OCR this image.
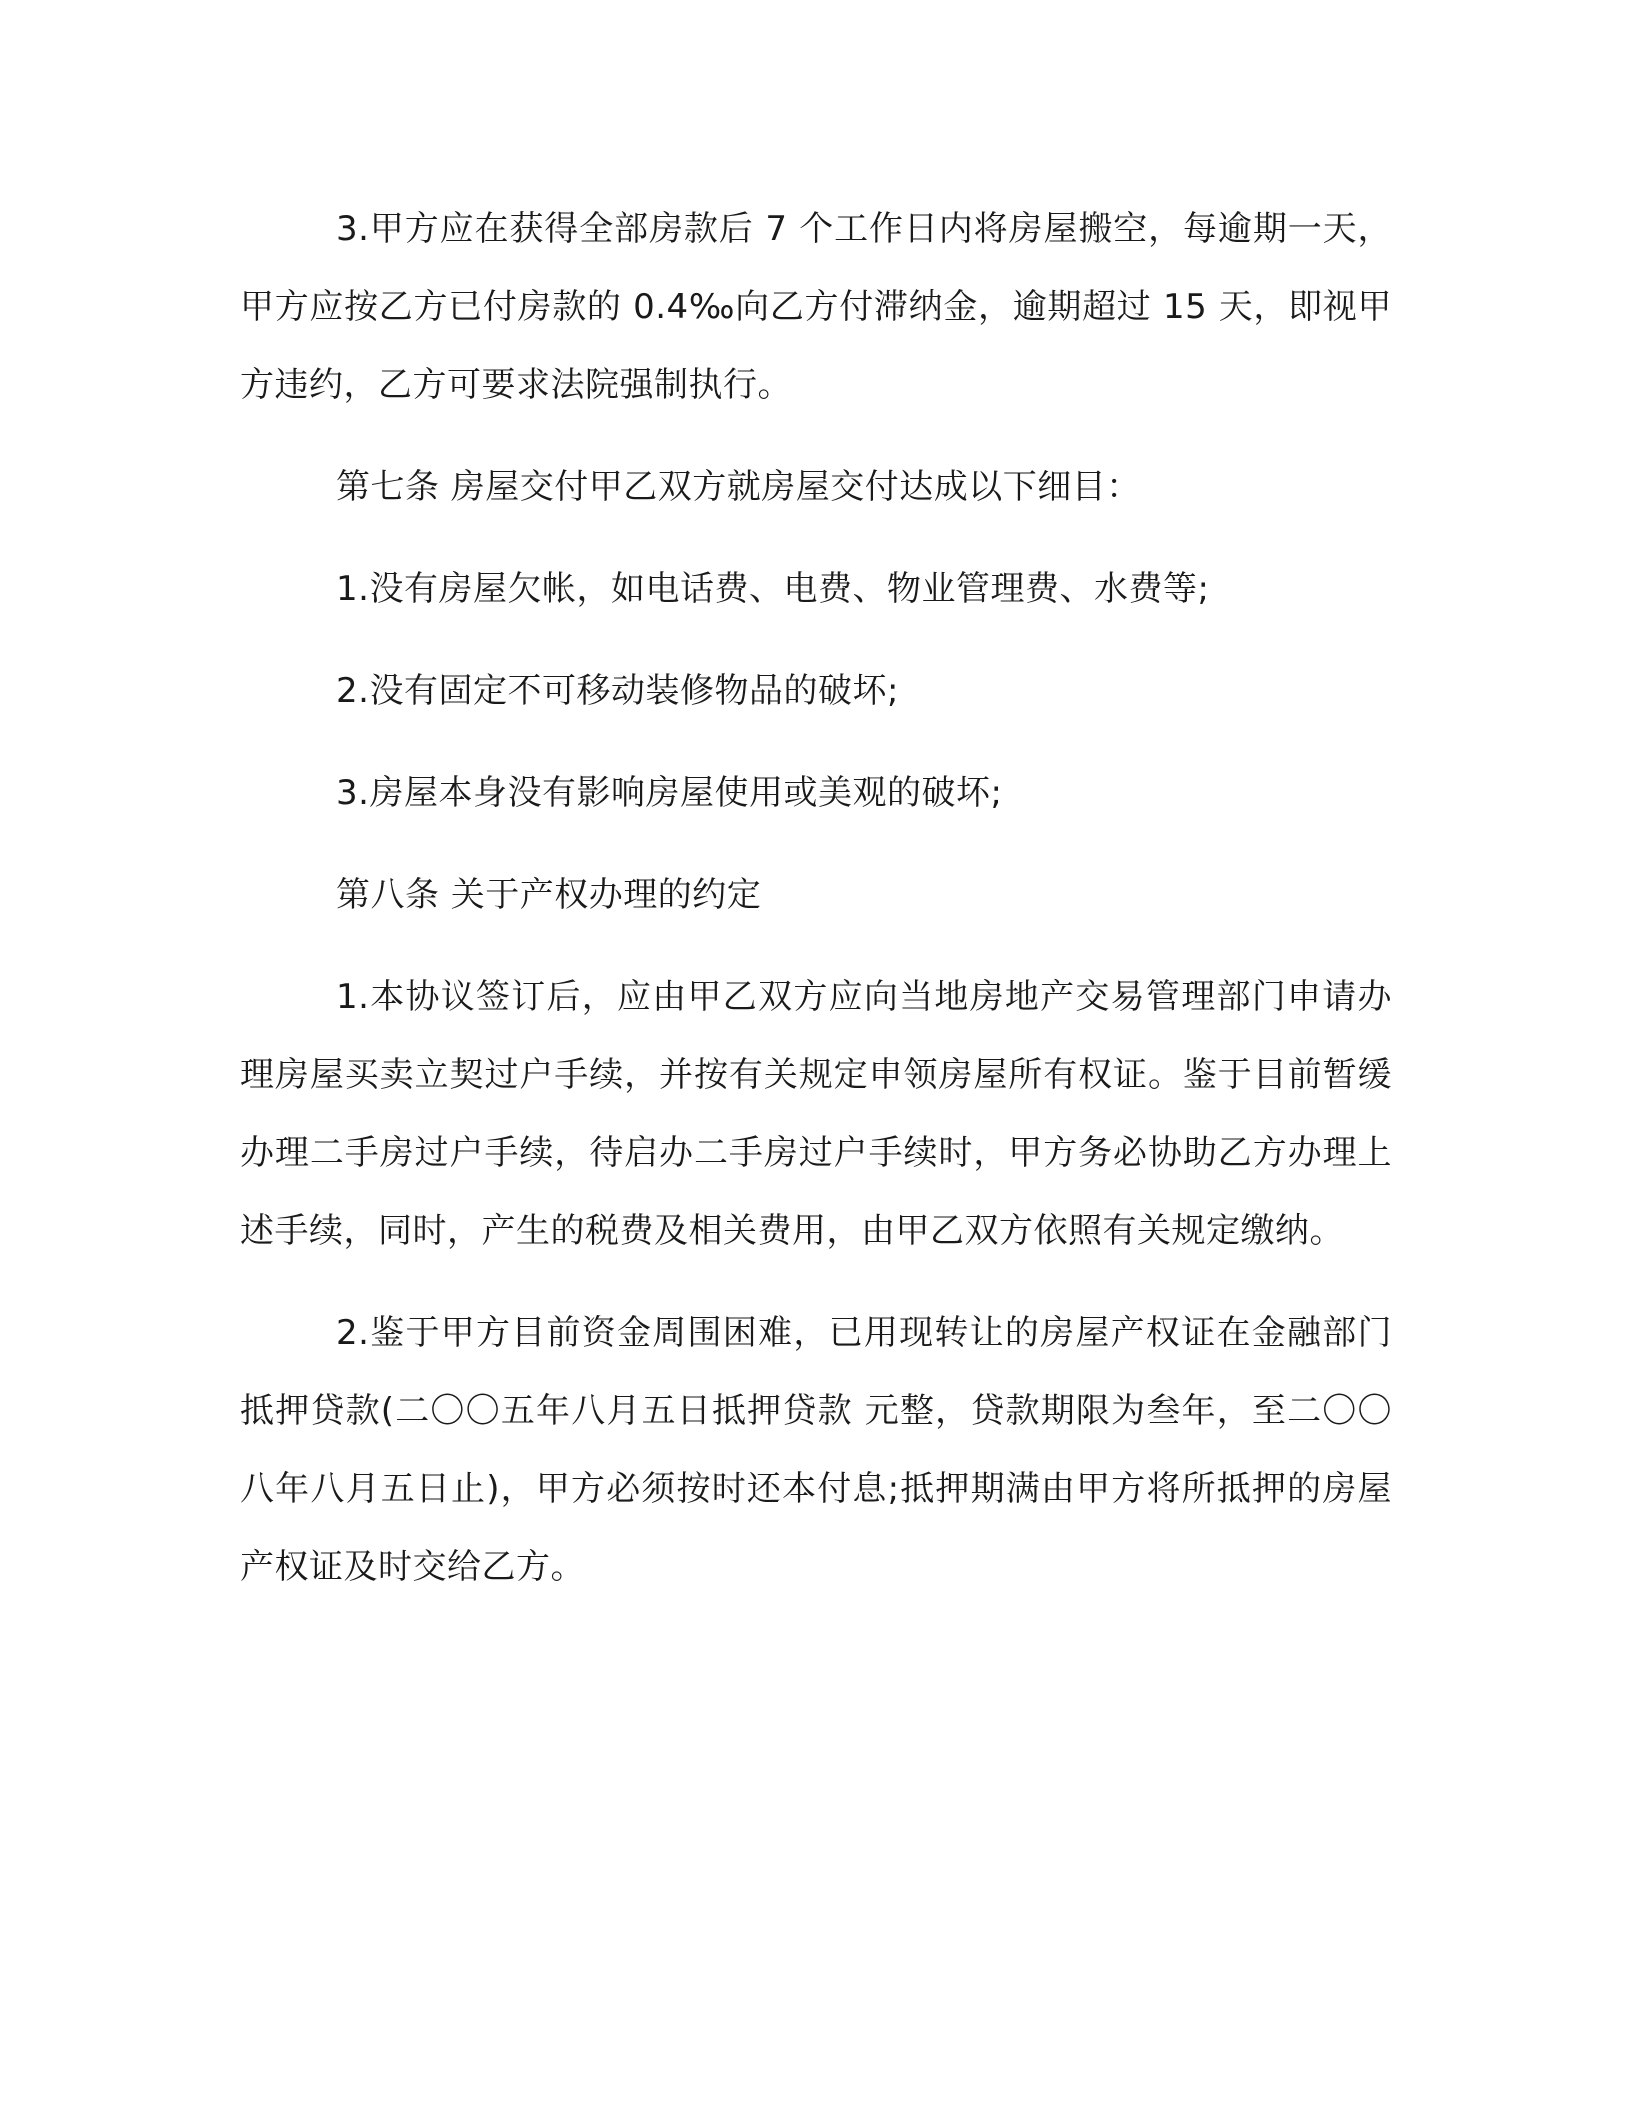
3.甲方应在获得全部房款后 7 个工作日内将房屋搬空，每逾期一天，甲方应按乙方已付房款的 0.4‰向乙方付滞纳金，逾期超过 15 天，即视甲方违约，乙方可要求法院强制执行。

第七条 房屋交付甲乙双方就房屋交付达成以下细目：

1.没有房屋欠帐，如电话费、电费、物业管理费、水费等;

2.没有固定不可移动装修物品的破坏;

3.房屋本身没有影响房屋使用或美观的破坏;

第八条 关于产权办理的约定

1.本协议签订后，应由甲乙双方应向当地房地产交易管理部门申请办理房屋买卖立契过户手续，并按有关规定申领房屋所有权证。鉴于目前暂缓办理二手房过户手续，待启办二手房过户手续时，甲方务必协助乙方办理上述手续，同时，产生的税费及相关费用，由甲乙双方依照有关规定缴纳。

2.鉴于甲方目前资金周围困难，已用现转让的房屋产权证在金融部门抵押贷款(二〇〇五年八月五日抵押贷款 元整，贷款期限为叁年，至二〇〇八年八月五日止)，甲方必须按时还本付息;抵押期满由甲方将所抵押的房屋产权证及时交给乙方。
